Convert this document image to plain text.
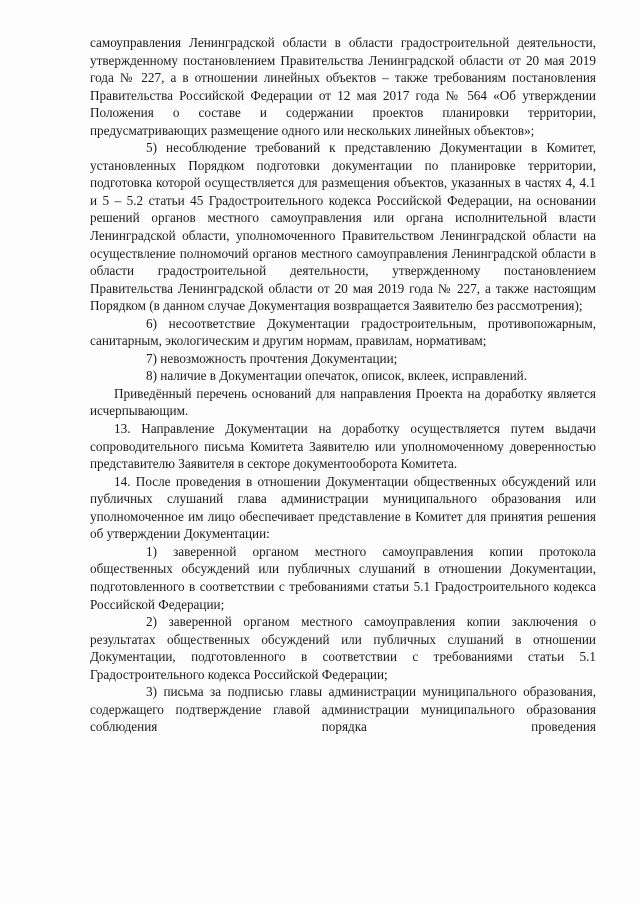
самоуправления Ленинградской области в области градостроительной деятельности, утвержденному постановлением Правительства Ленинградской области от 20 мая 2019 года № 227, а в отношении линейных объектов – также требованиям постановления Правительства Российской Федерации от 12 мая 2017 года № 564 «Об утверждении Положения о составе и содержании проектов планировки территории, предусматривающих размещение одного или нескольких линейных объектов»;

5) несоблюдение требований к представлению Документации в Комитет, установленных Порядком подготовки документации по планировке территории, подготовка которой осуществляется для размещения объектов, указанных в частях 4, 4.1 и 5 – 5.2 статьи 45 Градостроительного кодекса Российской Федерации, на основании решений органов местного самоуправления или органа исполнительной власти Ленинградской области, уполномоченного Правительством Ленинградской области на осуществление полномочий органов местного самоуправления Ленинградской области в области градостроительной деятельности, утвержденному постановлением Правительства Ленинградской области от 20 мая 2019 года № 227, а также настоящим Порядком (в данном случае Документация возвращается Заявителю без рассмотрения);

6) несоответствие Документации градостроительным, противопожарным, санитарным, экологическим и другим нормам, правилам, нормативам;

7) невозможность прочтения Документации;

8) наличие в Документации опечаток, описок, вклеек, исправлений.

Приведённый перечень оснований для направления Проекта на доработку является исчерпывающим.

13. Направление Документации на доработку осуществляется путем выдачи сопроводительного письма Комитета Заявителю или уполномоченному доверенностью представителю Заявителя в секторе документооборота Комитета.

14. После проведения в отношении Документации общественных обсуждений или публичных слушаний глава администрации муниципального образования или уполномоченное им лицо обеспечивает представление в Комитет для принятия решения об утверждении Документации:

1) заверенной органом местного самоуправления копии протокола общественных обсуждений или публичных слушаний в отношении Документации, подготовленного в соответствии с требованиями статьи 5.1 Градостроительного кодекса Российской Федерации;

2) заверенной органом местного самоуправления копии заключения о результатах общественных обсуждений или публичных слушаний в отношении Документации, подготовленного в соответствии с требованиями статьи 5.1 Градостроительного кодекса Российской Федерации;

3) письма за подписью главы администрации муниципального образования, содержащего подтверждение главой администрации муниципального образования соблюдения порядка проведения
